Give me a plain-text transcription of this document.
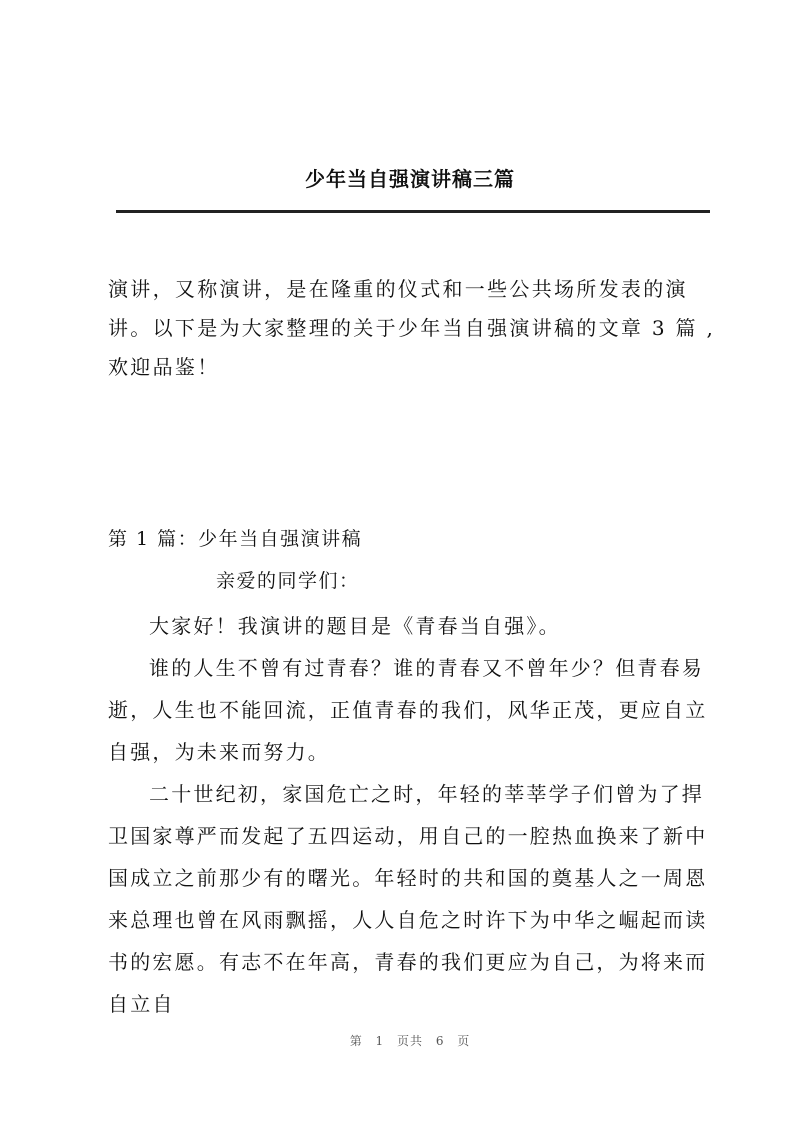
少年当自强演讲稿三篇

演讲，又称演讲，是在隆重的仪式和一些公共场所发表的演讲。以下是为大家整理的关于少年当自强演讲稿的文章 3 篇 ,欢迎品鉴！

第 1 篇：少年当自强演讲稿

亲爱的同学们：

大家好！我演讲的题目是《青春当自强》。

谁的人生不曾有过青春？谁的青春又不曾年少？但青春易逝，人生也不能回流，正值青春的我们，风华正茂，更应自立自强，为未来而努力。

二十世纪初，家国危亡之时，年轻的莘莘学子们曾为了捍卫国家尊严而发起了五四运动，用自己的一腔热血换来了新中国成立之前那少有的曙光。年轻时的共和国的奠基人之一周恩来总理也曾在风雨飘摇，人人自危之时许下为中华之崛起而读书的宏愿。有志不在年高，青春的我们更应为自己，为将来而自立自

第 1 页共 6 页
